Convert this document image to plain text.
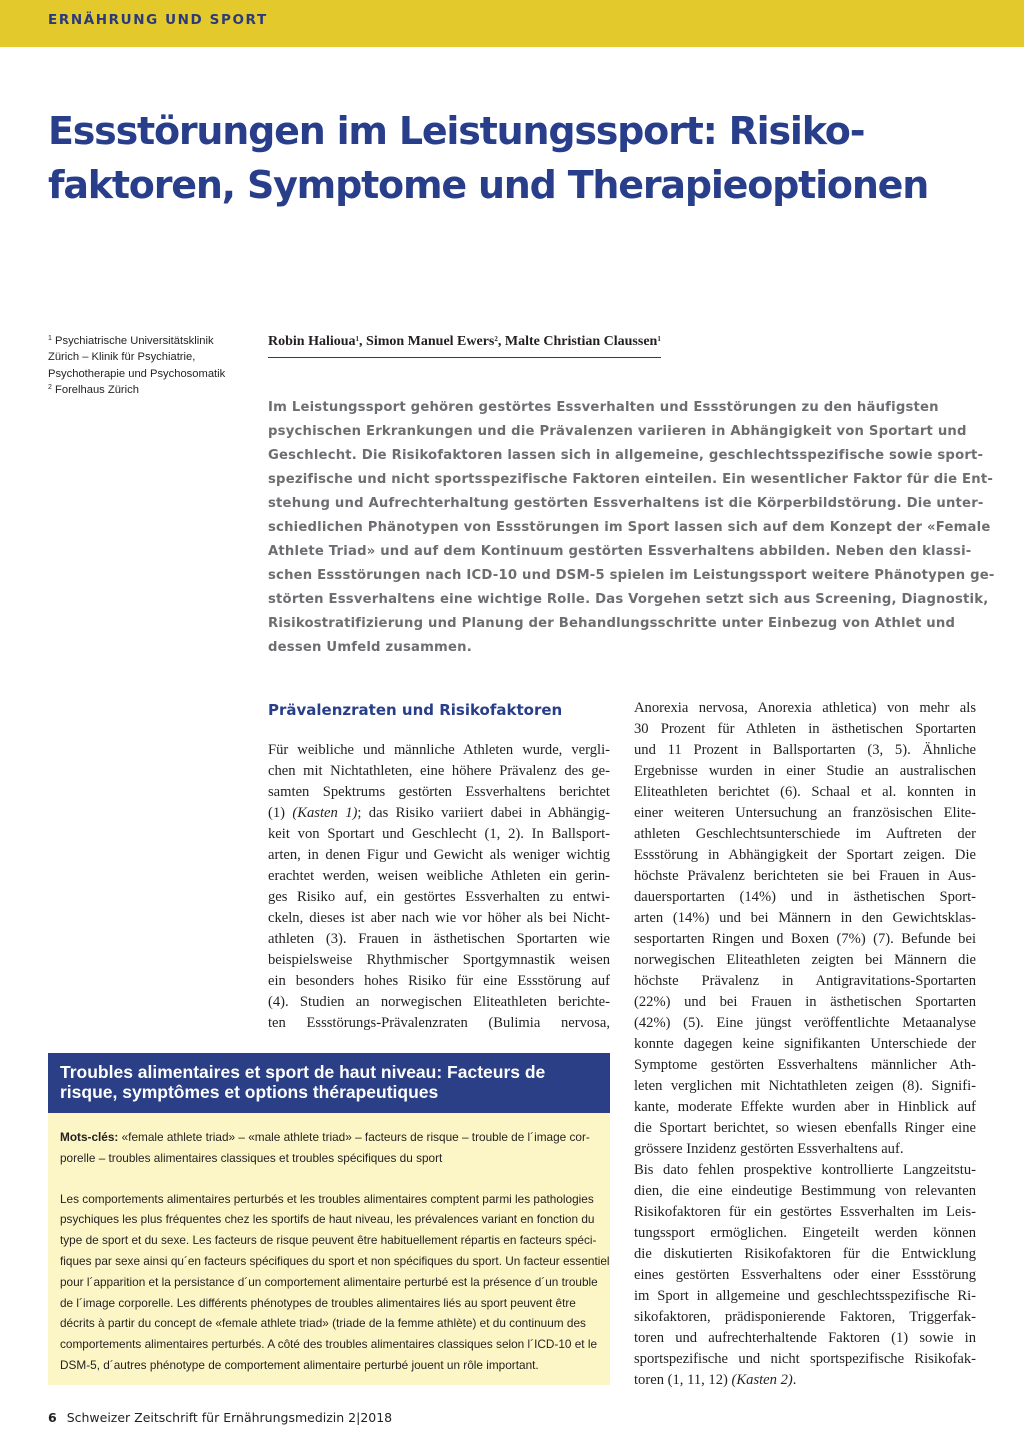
ERNÄHRUNG UND SPORT
Essstörungen im Leistungssport: Risiko-
faktoren, Symptome und Therapieoptionen
$^1$ Psychiatrische Universitätsklinik
Zürich – Klinik für Psychiatrie,
Psychotherapie und Psychosomatik
$^2$ Forelhaus Zürich
Robin Halioua$^1$, Simon Manuel Ewers$^2$, Malte Christian Claussen$^1$
Im Leistungssport gehören gestörtes Essverhalten und Essstörungen zu den häufigsten
psychischen Erkrankungen und die Prävalenzen variieren in Abhängigkeit von Sportart und
Geschlecht. Die Risikofaktoren lassen sich in allgemeine, geschlechtsspezifische sowie sport-
spezifische und nicht sportsspezifische Faktoren einteilen. Ein wesentlicher Faktor für die Ent-
stehung und Aufrechterhaltung gestörten Essverhaltens ist die Körperbildstörung. Die unter-
schiedlichen Phänotypen von Essstörungen im Sport lassen sich auf dem Konzept der «Female
Athlete Triad» und auf dem Kontinuum gestörten Essverhaltens abbilden. Neben den klassi-
schen Essstörungen nach ICD-10 und DSM-5 spielen im Leistungssport weitere Phänotypen ge-
störten Essverhaltens eine wichtige Rolle. Das Vorgehen setzt sich aus Screening, Diagnostik,
Risikostratifizierung und Planung der Behandlungsschritte unter Einbezug von Athlet und
dessen Umfeld zusammen.
Prävalenzraten und Risikofaktoren
Für weibliche und männliche Athleten wurde, vergli-
chen mit Nichtathleten, eine höhere Prävalenz des ge-
samten Spektrums gestörten Essverhaltens berichtet
(1) (Kasten 1); das Risiko variiert dabei in Abhängig-
keit von Sportart und Geschlecht (1, 2). In Ballsport-
arten, in denen Figur und Gewicht als weniger wichtig
erachtet werden, weisen weibliche Athleten ein gerin-
ges Risiko auf, ein gestörtes Essverhalten zu entwi-
ckeln, dieses ist aber nach wie vor höher als bei Nicht-
athleten (3). Frauen in ästhetischen Sportarten wie
beispielsweise Rhythmischer Sportgymnastik weisen
ein besonders hohes Risiko für eine Essstörung auf
(4). Studien an norwegischen Eliteathleten berichte-
ten Essstörungs-Prävalenzraten (Bulimia nervosa,
Anorexia nervosa, Anorexia athletica) von mehr als
30 Prozent für Athleten in ästhetischen Sportarten
und 11 Prozent in Ballsportarten (3, 5). Ähnliche
Ergebnisse wurden in einer Studie an australischen
Eliteathleten berichtet (6). Schaal et al. konnten in
einer weiteren Untersuchung an französischen Elite-
athleten Geschlechtsunterschiede im Auftreten der
Essstörung in Abhängigkeit der Sportart zeigen. Die
höchste Prävalenz berichteten sie bei Frauen in Aus-
dauersportarten (14%) und in ästhetischen Sport-
arten (14%) und bei Männern in den Gewichtsklas-
sesportarten Ringen und Boxen (7%) (7). Befunde bei
norwegischen Eliteathleten zeigten bei Männern die
höchste Prävalenz in Antigravitations-Sportarten
(22%) und bei Frauen in ästhetischen Sportarten
(42%) (5). Eine jüngst veröffentlichte Metaanalyse
konnte dagegen keine signifikanten Unterschiede der
Symptome gestörten Essverhaltens männlicher Ath-
leten verglichen mit Nichtathleten zeigen (8). Signifi-
kante, moderate Effekte wurden aber in Hinblick auf
die Sportart berichtet, so wiesen ebenfalls Ringer eine
grössere Inzidenz gestörten Essverhaltens auf.
Bis dato fehlen prospektive kontrollierte Langzeitstu-
dien, die eine eindeutige Bestimmung von relevanten
Risikofaktoren für ein gestörtes Essverhalten im Leis-
tungssport ermöglichen. Eingeteilt werden können
die diskutierten Risikofaktoren für die Entwicklung
eines gestörten Essverhaltens oder einer Essstörung
im Sport in allgemeine und geschlechtsspezifische Ri-
sikofaktoren, prädisponierende Faktoren, Triggerfak-
toren und aufrechterhaltende Faktoren (1) sowie in
sportspezifische und nicht sportspezifische Risikofak-
toren (1, 11, 12) (Kasten 2).
Troubles alimentaires et sport de haut niveau: Facteurs de
risque, symptômes et options thérapeutiques
Mots-clés: «female athlete triad» – «male athlete triad» – facteurs de risque – trouble de l´image cor-
porelle – troubles alimentaires classiques et troubles spécifiques du sport
Les comportements alimentaires perturbés et les troubles alimentaires comptent parmi les pathologies
psychiques les plus fréquentes chez les sportifs de haut niveau, les prévalences variant en fonction du
type de sport et du sexe. Les facteurs de risque peuvent être habituellement répartis en facteurs spéci-
fiques par sexe ainsi qu´en facteurs spécifiques du sport et non spécifiques du sport. Un facteur essentiel
pour l´apparition et la persistance d´un comportement alimentaire perturbé est la présence d´un trouble
de l´image corporelle. Les différents phénotypes de troubles alimentaires liés au sport peuvent être
décrits à partir du concept de «female athlete triad» (triade de la femme athlète) et du continuum des
comportements alimentaires perturbés. A côté des troubles alimentaires classiques selon l´ICD-10 et le
DSM-5, d´autres phénotype de comportement alimentaire perturbé jouent un rôle important.
6 Schweizer Zeitschrift für Ernährungsmedizin 2|2018
